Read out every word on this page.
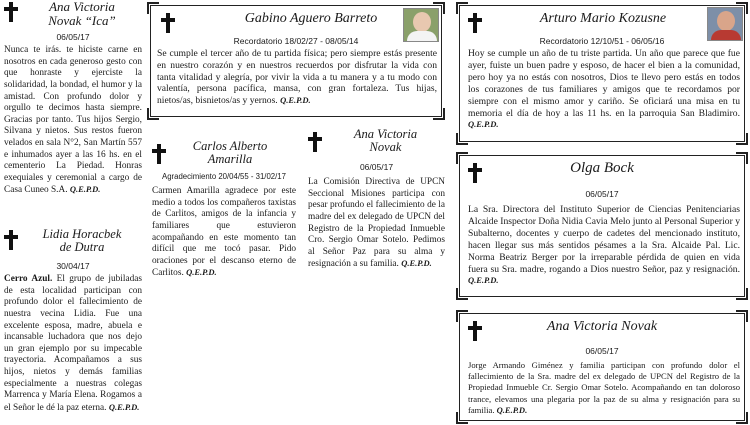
Ana Victoria
Novak “Ica”
06/05/17
Nunca te irás. te hiciste carne en nosotros en cada generoso gesto con que honraste y ejerciste la solidaridad, la bondad, el humor y la amistad. Con profundo dolor y orgullo te decimos hasta siempre. Gracias por tanto. Tus hijos Sergio, Silvana y nietos. Sus restos fueron velados en sala N°2, San Martín 557 e inhumados ayer a las 16 hs. en el cementerio La Piedad. Honras exequiales y ceremonial a cargo de Casa Cuneo S.A. Q.E.P.D.
Lidia Horacbek
de Dutra
30/04/17
Cerro Azul. El grupo de jubiladas de esta localidad participan con profundo dolor el fallecimiento de nuestra vecina Lidia. Fue una excelente esposa, madre, abuela e incansable luchadora que nos dejo un gran ejemplo por su impecable trayectoria. Acompañamos a sus hijos, nietos y demás familias especialmente a nuestras colegas Marrenca y María Elena. Rogamos a el Señor le dé la paz eterna. Q.E.P.D.
Gabino Aguero Barreto
Recordatorio 18/02/27 - 08/05/14
Se cumple el tercer año de tu partida física; pero siempre estás presente en nuestro corazón y en nuestros recuerdos por disfrutar la vida con tanta vitalidad y alegría, por vivir la vida a tu manera y a tu modo con valentía, persona pacífica, mansa, con gran fortaleza. Tus hijas, nietos/as, bisnietos/as y yernos. Q.E.P.D.
Carlos Alberto
Amarilla
Agradecimiento 20/04/55 - 31/02/17
Carmen Amarilla agradece por este medio a todos los compañeros taxistas de Carlitos, amigos de la infancia y familiares que estuvieron acompañando en este momento tan difícil que me tocó pasar. Pido oraciones por el descanso eterno de Carlitos. Q.E.P.D.
Ana Victoria
Novak
06/05/17
La Comisión Directiva de UPCN Seccional Misiones participa con pesar profundo el fallecimiento de la madre del ex delegado de UPCN del Registro de la Propiedad Inmueble Cro. Sergio Omar Sotelo. Pedimos al Señor Paz para su alma y resignación a su familia. Q.E.P.D.
Arturo Mario Kozusne
Recordatorio 12/10/51 - 06/05/16
Hoy se cumple un año de tu triste partida. Un año que parece que fue ayer, fuiste un buen padre y esposo, de hacer el bien a la comunidad, pero hoy ya no estás con nosotros, Dios te llevo pero estás en todos los corazones de tus familiares y amigos que te recordamos por siempre con el mismo amor y cariño. Se oficiará una misa en tu memoria el día de hoy a las 11 hs. en la parroquia San Bladimiro. Q.E.P.D.
Olga Bock
06/05/17
La Sra. Directora del Instituto Superior de Ciencias Penitenciarias Alcaide Inspector Doña Nidia Cavia Melo junto al Personal Superior y Subalterno, docentes y cuerpo de cadetes del mencionado instituto, hacen llegar sus más sentidos pésames a la Sra. Alcaide Pal. Lic. Norma Beatriz Berger por la irreparable pérdida de quien en vida fuera su Sra. madre, rogando a Dios nuestro Señor, paz y resignación. Q.E.P.D.
Ana Victoria Novak
06/05/17
Jorge Armando Giménez y familia participan con profundo dolor el fallecimiento de la Sra. madre del ex delegado de UPCN del Registro de la Propiedad Inmueble Cr. Sergio Omar Sotelo. Acompañando en tan doloroso trance, elevamos una plegaria por la paz de su alma y resignación para su familia. Q.E.P.D.
